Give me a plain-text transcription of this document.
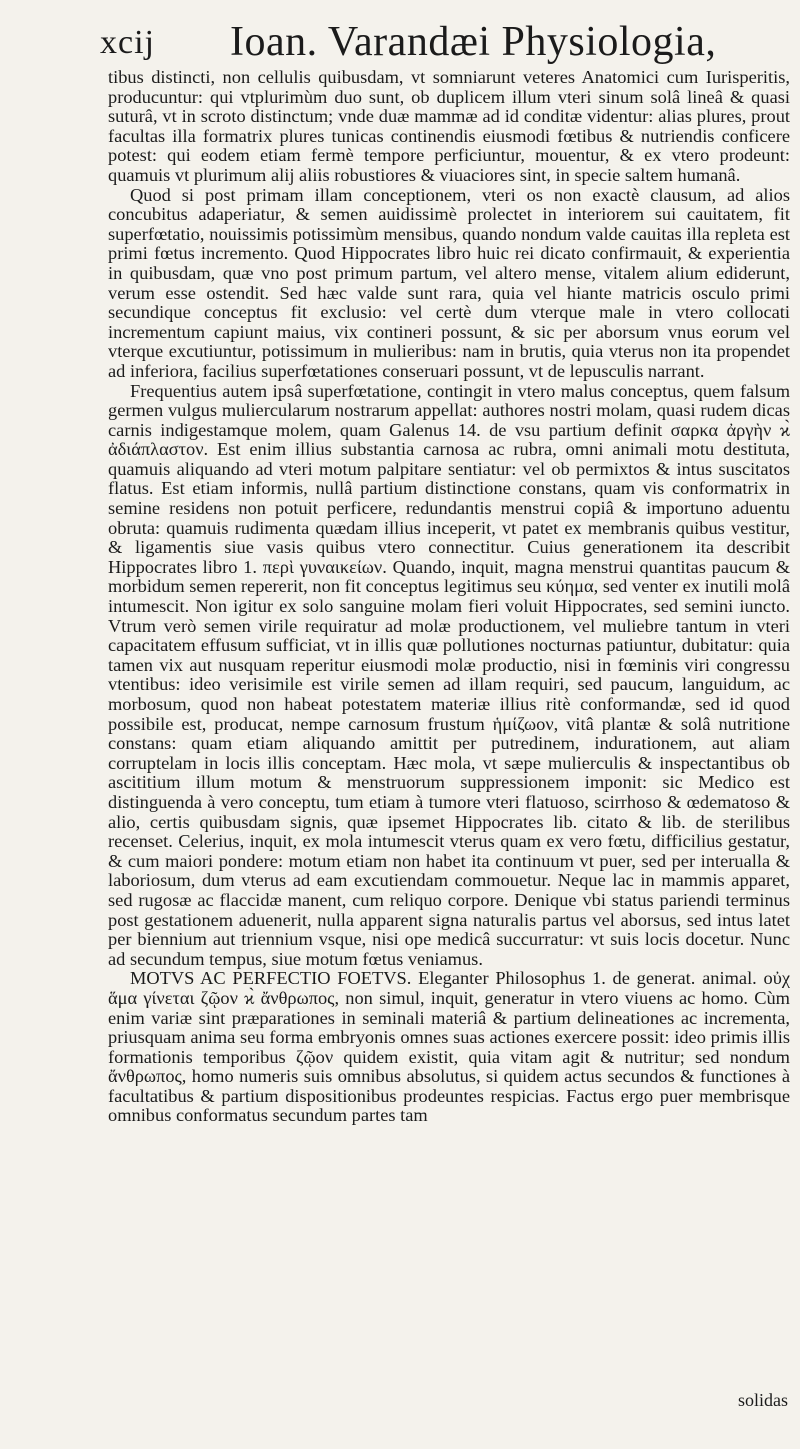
xcij Ioan. Varandæi Physiologia,

tibus distincti, non cellulis quibusdam, vt somniarunt veteres Anatomici cum Iurisperitis, producuntur: qui vtplurimùm duo sunt, ob duplicem illum vteri sinum solâ lineâ & quasi suturâ, vt in scroto distinctum; vnde duæ mammæ ad id conditæ videntur: alias plures, prout facultas illa formatrix plures tunicas continendis eiusmodi fœtibus & nutriendis conficere potest: qui eodem etiam fermè tempore perficiuntur, mouentur, & ex vtero prodeunt: quamuis vt plurimum alij aliis robustiores & viuaciores sint, in specie saltem humanâ.

Quod si post primam illam conceptionem, vteri os non exactè clausum, ad alios concubitus adaperiatur, & semen auidissimè prolectet in interiorem sui cauitatem, fit superfœtatio, nouissimis potissimùm mensibus, quando nondum valde cauitas illa repleta est primi fœtus incremento. Quod Hippocrates libro huic rei dicato confirmauit, & experientia in quibusdam, quæ vno post primum partum, vel altero mense, vitalem alium ediderunt, verum esse ostendit. Sed hæc valde sunt rara, quia vel hiante matricis osculo primi secundique conceptus fit exclusio: vel certè dum vterque male in vtero collocati incrementum capiunt maius, vix contineri possunt, & sic per aborsum vnus eorum vel vterque excutiuntur, potissimum in mulieribus: nam in brutis, quia vterus non ita propendet ad inferiora, facilius superfœtationes conseruari possunt, vt de lepusculis narrant.

Frequentius autem ipsâ superfœtatione, contingit in vtero malus conceptus, quem falsum germen vulgus muliercularum nostrarum appellat: authores nostri molam, quasi rudem dicas carnis indigestamque molem, quam Galenus 14. de vsu partium definit σαρκα ἀργὴν ϰ̀ ἀδιάπλαστον. Est enim illius substantia carnosa ac rubra, omni animali motu destituta, quamuis aliquando ad vteri motum palpitare sentiatur: vel ob permixtos & intus suscitatos flatus. Est etiam informis, nullâ partium distinctione constans, quam vis conformatrix in semine residens non potuit perficere, redundantis menstrui copiâ & importuno aduentu obruta: quamuis rudimenta quædam illius inceperit, vt patet ex membranis quibus vestitur, & ligamentis siue vasis quibus vtero connectitur. Cuius generationem ita describit Hippocrates libro 1. περὶ γυναικείων. Quando, inquit, magna menstrui quantitas paucum & morbidum semen repererit, non fit conceptus legitimus seu κύημα, sed venter ex inutili molâ intumescit. Non igitur ex solo sanguine molam fieri voluit Hippocrates, sed semini iuncto. Vtrum verò semen virile requiratur ad molæ productionem, vel muliebre tantum in vteri capacitatem effusum sufficiat, vt in illis quæ pollutiones nocturnas patiuntur, dubitatur: quia tamen vix aut nusquam reperitur eiusmodi molæ productio, nisi in fœminis viri congressu vtentibus: ideo verisimile est virile semen ad illam requiri, sed paucum, languidum, ac morbosum, quod non habeat potestatem materiæ illius ritè conformandæ, sed id quod possibile est, producat, nempe carnosum frustum ἡμίζωον, vitâ plantæ & solâ nutritione constans: quam etiam aliquando amittit per putredinem, indurationem, aut aliam corruptelam in locis illis conceptam. Hæc mola, vt sæpe mulierculis & inspectantibus ob ascititium illum motum & menstruorum suppressionem imponit: sic Medico est distinguenda à vero conceptu, tum etiam à tumore vteri flatuoso, scirrhoso & œdematoso & alio, certis quibusdam signis, quæ ipsemet Hippocrates lib. citato & lib. de sterilibus recenset. Celerius, inquit, ex mola intumescit vterus quam ex vero fœtu, difficilius gestatur, & cum maiori pondere: motum etiam non habet ita continuum vt puer, sed per interualla & laboriosum, dum vterus ad eam excutiendam commouetur. Neque lac in mammis apparet, sed rugosæ ac flaccidæ manent, cum reliquo corpore. Denique vbi status pariendi terminus post gestationem aduenerit, nulla apparent signa naturalis partus vel aborsus, sed intus latet per biennium aut triennium vsque, nisi ope medicâ succurratur: vt suis locis docetur. Nunc ad secundum tempus, siue motum fœtus veniamus.

MOTVS AC PERFECTIO FOETVS. Eleganter Philosophus 1. de generat. animal. οὐχ ἅμα γίνεται ζῷον ϰ̀ ἄνθρωπος, non simul, inquit, generatur in vtero viuens ac homo. Cùm enim variæ sint præparationes in seminali materiâ & partium delineationes ac incrementa, priusquam anima seu forma embryonis omnes suas actiones exercere possit: ideo primis illis formationis temporibus ζῷον quidem existit, quia vitam agit & nutritur; sed nondum ἄνθρωπος, homo numeris suis omnibus absolutus, si quidem actus secundos & functiones à facultatibus & partium dispositionibus prodeuntes respicias. Factus ergo puer membrisque omnibus conformatus secundum partes tam

solidas
